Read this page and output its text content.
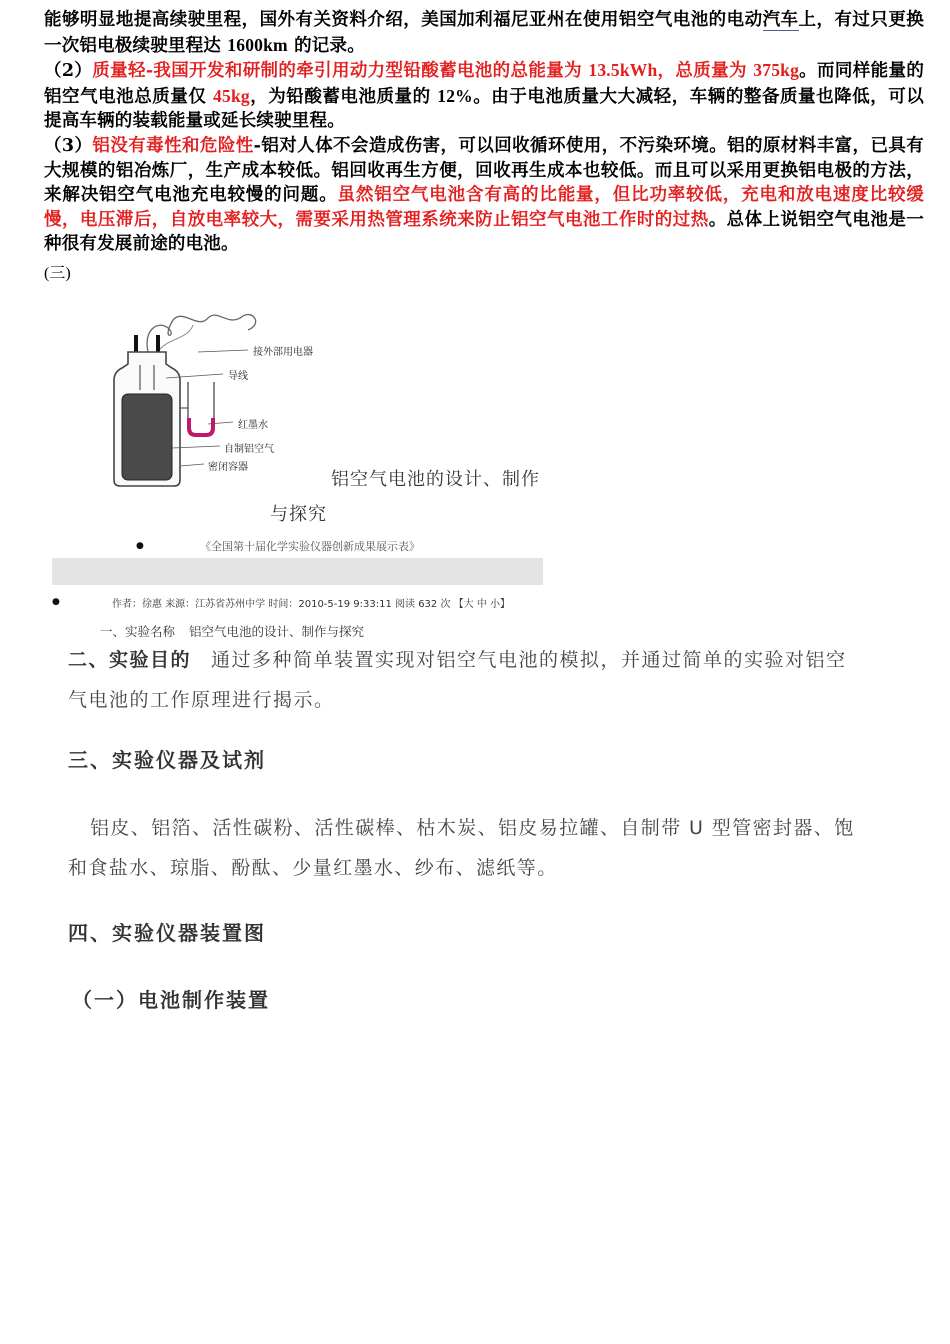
能够明显地提高续驶里程，国外有关资料介绍，美国加利福尼亚州在使用铝空气电池的电动汽车上，有过只更换一次铝电极续驶里程达 1600km 的记录。

（2）质量轻-我国开发和研制的牵引用动力型铅酸蓄电池的总能量为 13.5kWh，总质量为 375kg。而同样能量的铝空气电池总质量仅 45kg，为铅酸蓄电池质量的 12%。由于电池质量大大减轻，车辆的整备质量也降低，可以提高车辆的装载能量或延长续驶里程。

（3）铝没有毒性和危险性-铝对人体不会造成伤害，可以回收循环使用，不污染环境。铝的原材料丰富，已具有大规模的铝冶炼厂，生产成本较低。铝回收再生方便，回收再生成本也较低。而且可以采用更换铝电极的方法，来解决铝空气电池充电较慢的问题。虽然铝空气电池含有高的比能量，但比功率较低，充电和放电速度比较缓慢，电压滞后，自放电率较大，需要采用热管理系统来防止铝空气电池工作时的过热。总体上说铝空气电池是一种很有发展前途的电池。

(三)
接外部用电器
导线
红墨水
自制铝空气
密闭容器
铝空气电池的设计、制作
与探究
●	《全国第十届化学实验仪器创新成果展示表》
●	作者：徐惠 来源：江苏省苏州中学 时间：2010-5-19 9:33:11 阅读 632 次 【大 中 小】
一、实验名称 铝空气电池的设计、制作与探究
二、实验目的 通过多种简单装置实现对铝空气电池的模拟，并通过简单的实验对铝空气电池的工作原理进行揭示。
三、实验仪器及试剂
铝皮、铝箔、活性碳粉、活性碳棒、枯木炭、铝皮易拉罐、自制带 U 型管密封器、饱和食盐水、琼脂、酚酞、少量红墨水、纱布、滤纸等。
四、实验仪器装置图
（一）电池制作装置
